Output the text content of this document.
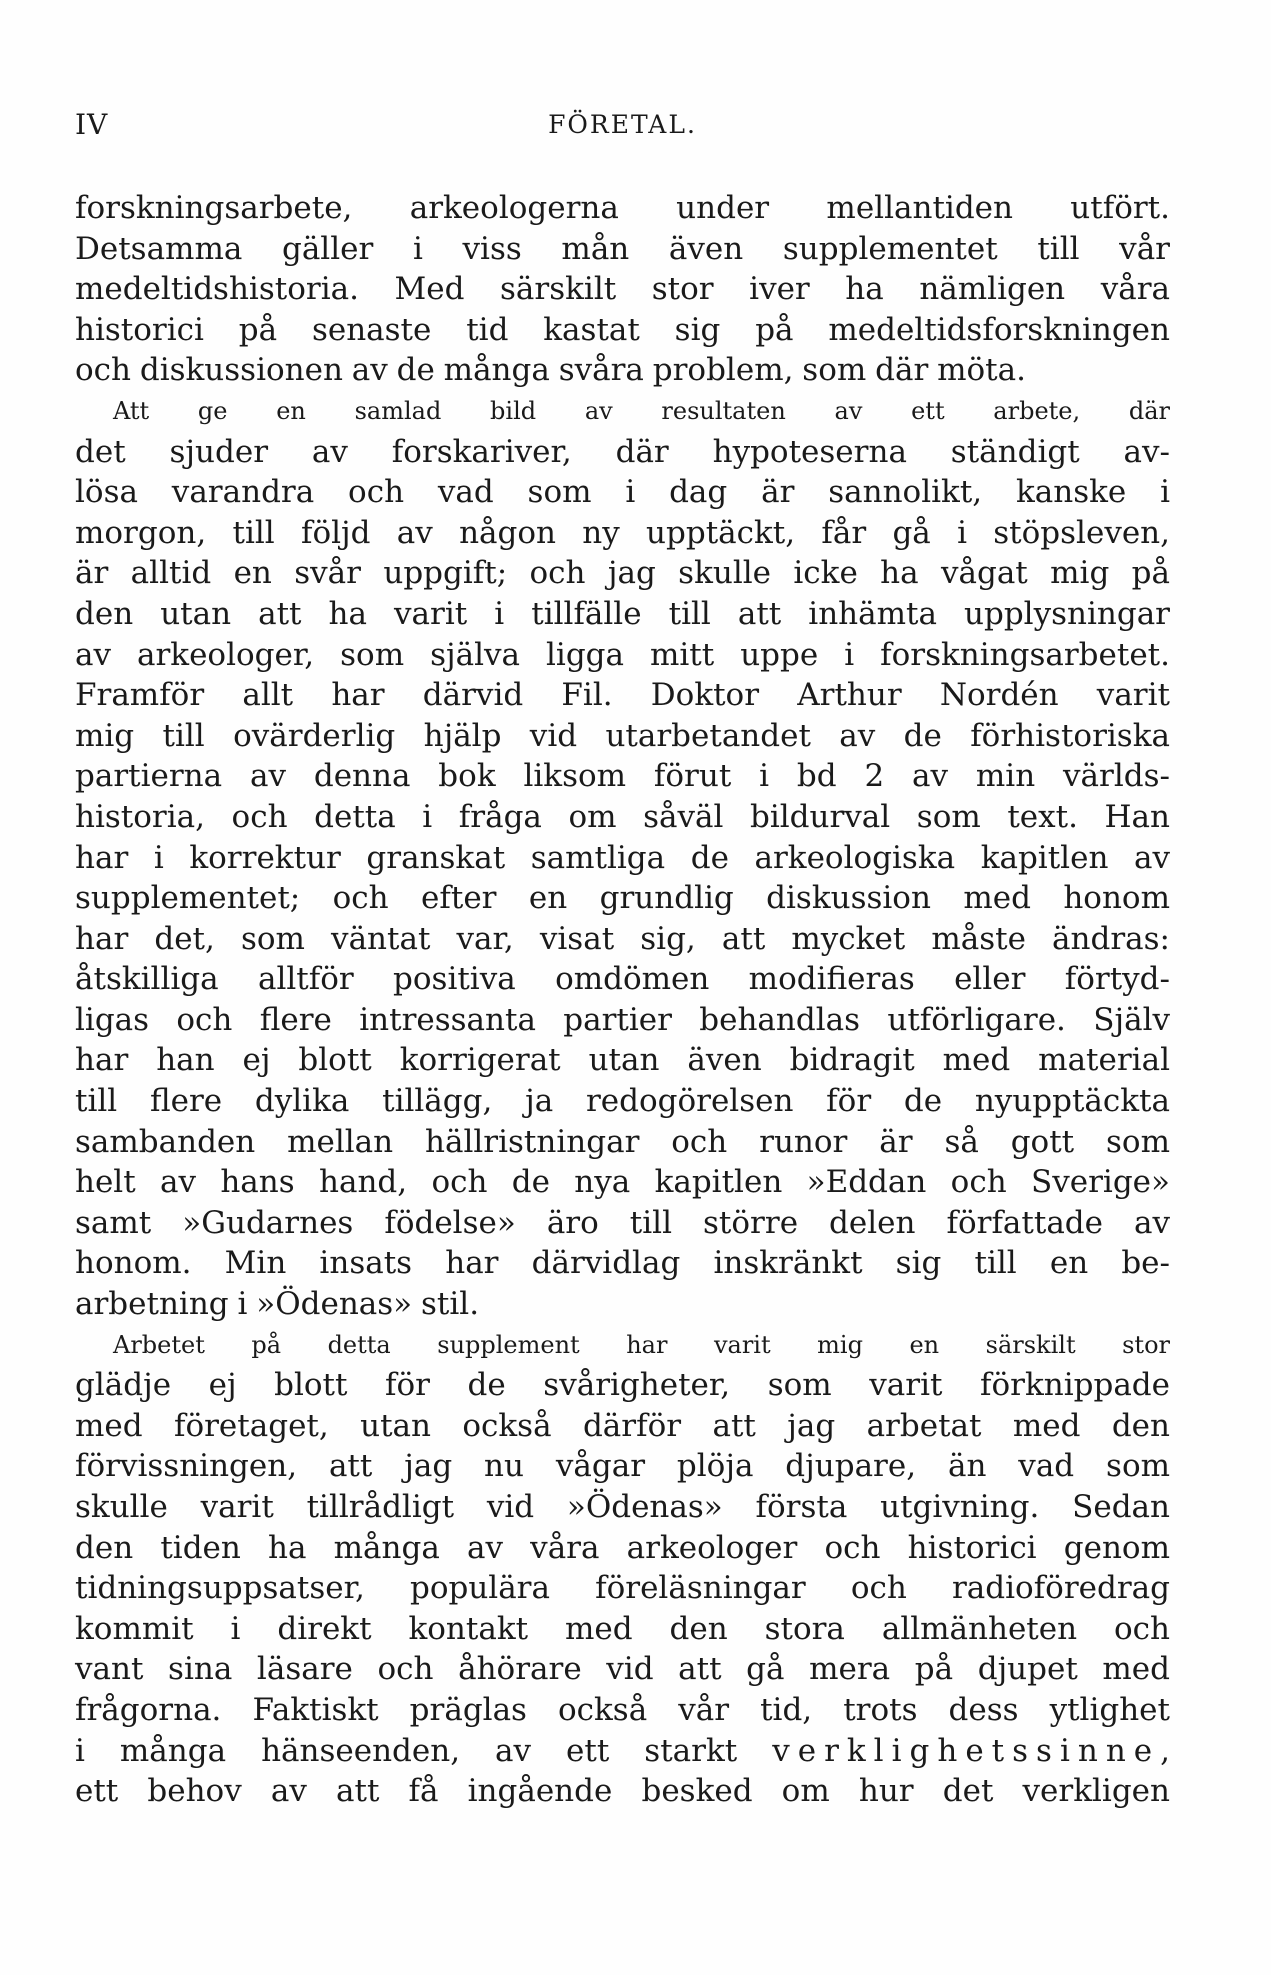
IV	FÖRETAL.
forskningsarbete, arkeologerna under mellantiden utfört.
Detsamma gäller i viss mån även supplementet till vår
medeltidshistoria. Med särskilt stor iver ha nämligen våra
historici på senaste tid kastat sig på medeltidsforskningen
och diskussionen av de många svåra problem, som där möta.
Att ge en samlad bild av resultaten av ett arbete, där
det sjuder av forskariver, där hypoteserna ständigt av-
lösa varandra och vad som i dag är sannolikt, kanske i
morgon, till följd av någon ny upptäckt, får gå i stöpsleven,
är alltid en svår uppgift; och jag skulle icke ha vågat mig på
den utan att ha varit i tillfälle till att inhämta upplysningar
av arkeologer, som själva ligga mitt uppe i forskningsarbetet.
Framför allt har därvid Fil. Doktor Arthur Nordén varit
mig till ovärderlig hjälp vid utarbetandet av de förhistoriska
partierna av denna bok liksom förut i bd 2 av min världs-
historia, och detta i fråga om såväl bildurval som text. Han
har i korrektur granskat samtliga de arkeologiska kapitlen av
supplementet; och efter en grundlig diskussion med honom
har det, som väntat var, visat sig, att mycket måste ändras:
åtskilliga alltför positiva omdömen modifieras eller förtyd-
ligas och flere intressanta partier behandlas utförligare. Själv
har han ej blott korrigerat utan även bidragit med material
till flere dylika tillägg, ja redogörelsen för de nyupptäckta
sambanden mellan hällristningar och runor är så gott som
helt av hans hand, och de nya kapitlen »Eddan och Sverige»
samt »Gudarnes födelse» äro till större delen författade av
honom. Min insats har därvidlag inskränkt sig till en be-
arbetning i »Ödenas» stil.
Arbetet på detta supplement har varit mig en särskilt stor
glädje ej blott för de svårigheter, som varit förknippade
med företaget, utan också därför att jag arbetat med den
förvissningen, att jag nu vågar plöja djupare, än vad som
skulle varit tillrådligt vid »Ödenas» första utgivning. Sedan
den tiden ha många av våra arkeologer och historici genom
tidningsuppsatser, populära föreläsningar och radioföredrag
kommit i direkt kontakt med den stora allmänheten och
vant sina läsare och åhörare vid att gå mera på djupet med
frågorna. Faktiskt präglas också vår tid, trots dess ytlighet
i många hänseenden, av ett starkt verklighetssinne,
ett behov av att få ingående besked om hur det verkligen
